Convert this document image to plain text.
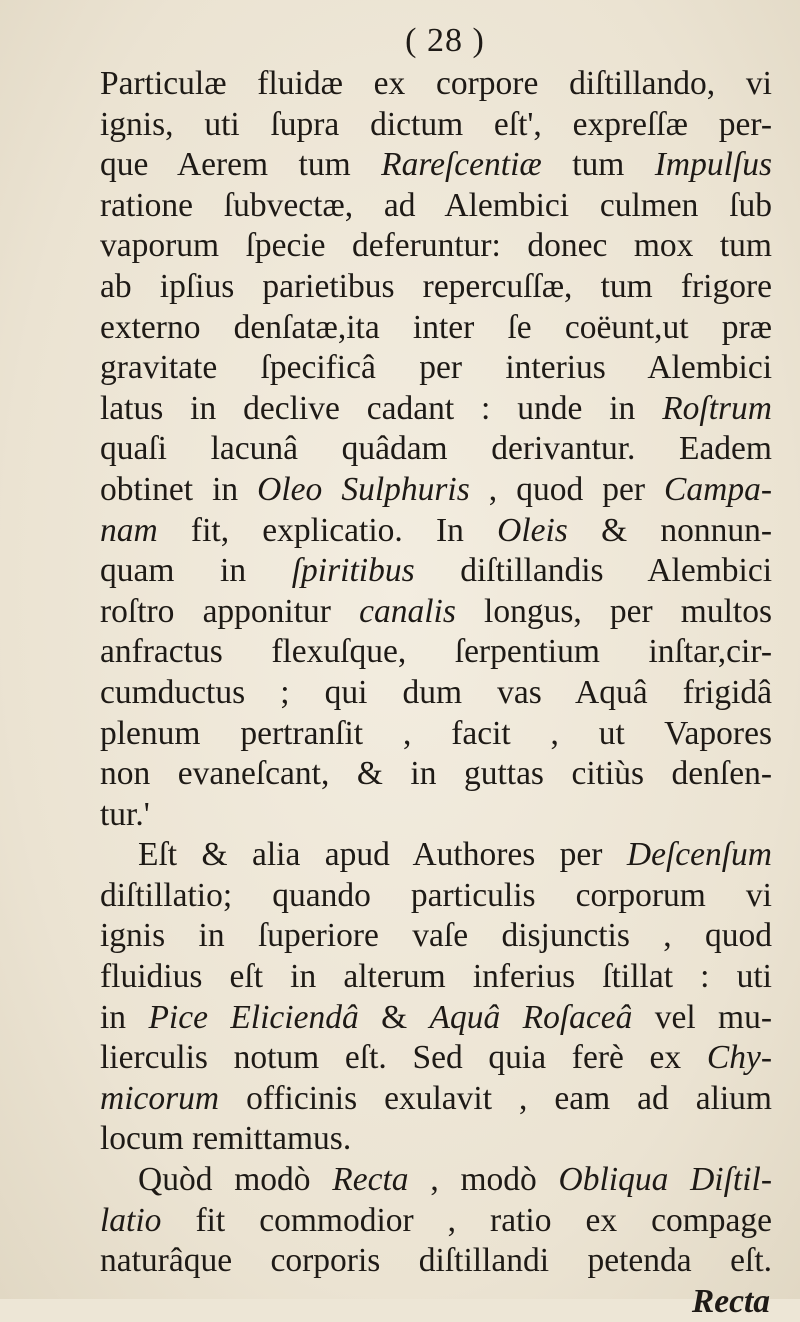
( 28 )
Particulæ fluidæ ex corpore diſtillando, vi
ignis, uti ſupra dictum eſt', expreſſæ per-
que Aerem tum Rareſcentiæ tum Impulſus
ratione ſubvectæ, ad Alembici culmen ſub
vaporum ſpecie deferuntur: donec mox tum
ab ipſius parietibus repercuſſæ, tum frigore
externo denſatæ,ita inter ſe coëunt,ut præ
gravitate ſpecificâ per interius Alembici
latus in declive cadant : unde in Roſtrum
quaſi lacunâ quâdam derivantur. Eadem
obtinet in Oleo Sulphuris , quod per Campa-
nam fit, explicatio. In Oleis & nonnun-
quam in ſpiritibus diſtillandis Alembici
roſtro apponitur canalis longus, per multos
anfractus flexuſque, ſerpentium inſtar,cir-
cumductus ; qui dum vas Aquâ frigidâ
plenum pertranſit , facit , ut Vapores
non evaneſcant, & in guttas citiùs denſen-
tur.'
Eſt & alia apud Authores per Deſcenſum
diſtillatio; quando particulis corporum vi
ignis in ſuperiore vaſe disjunctis , quod
fluidius eſt in alterum inferius ſtillat : uti
in Pice Eliciendâ & Aquâ Roſaceâ vel mu-
lierculis notum eſt. Sed quia ferè ex Chy-
micorum officinis exulavit , eam ad alium
locum remittamus.
Quòd modò Recta , modò Obliqua Diſtil-
latio fit commodior , ratio ex compage
naturâque corporis diſtillandi petenda eſt.
Recta
